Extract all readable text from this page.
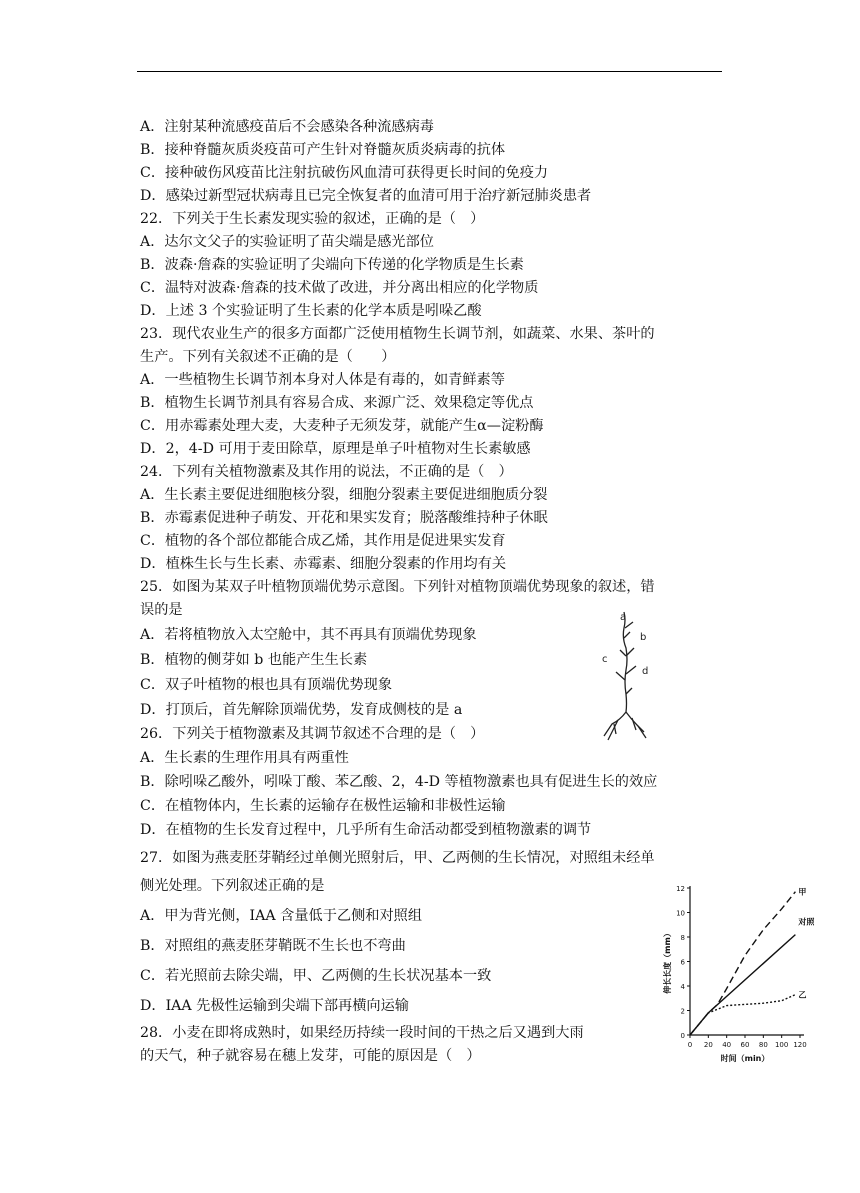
A．注射某种流感疫苗后不会感染各种流感病毒
B．接种脊髓灰质炎疫苗可产生针对脊髓灰质炎病毒的抗体
C．接种破伤风疫苗比注射抗破伤风血清可获得更长时间的免疫力
D．感染过新型冠状病毒且已完全恢复者的血清可用于治疗新冠肺炎患者
22．下列关于生长素发现实验的叙述，正确的是（　）
A．达尔文父子的实验证明了苗尖端是感光部位
B．波森·詹森的实验证明了尖端向下传递的化学物质是生长素
C．温特对波森·詹森的技术做了改进，并分离出相应的化学物质
D．上述 3 个实验证明了生长素的化学本质是吲哚乙酸
23．现代农业生产的很多方面都广泛使用植物生长调节剂，如蔬菜、水果、茶叶的
生产。下列有关叙述不正确的是（　　）
A．一些植物生长调节剂本身对人体是有毒的，如青鲜素等
B．植物生长调节剂具有容易合成、来源广泛、效果稳定等优点
C．用赤霉素处理大麦，大麦种子无须发芽，就能产生α—淀粉酶
D．2，4-D 可用于麦田除草，原理是单子叶植物对生长素敏感
24．下列有关植物激素及其作用的说法，不正确的是（　）
A．生长素主要促进细胞核分裂，细胞分裂素主要促进细胞质分裂
B．赤霉素促进种子萌发、开花和果实发育；脱落酸维持种子休眠
C．植物的各个部位都能合成乙烯，其作用是促进果实发育
D．植株生长与生长素、赤霉素、细胞分裂素的作用均有关
25．如图为某双子叶植物顶端优势示意图。下列针对植物顶端优势现象的叙述，错
误的是
A．若将植物放入太空舱中，其不再具有顶端优势现象
B．植物的侧芽如 b 也能产生生长素
C．双子叶植物的根也具有顶端优势现象
D．打顶后，首先解除顶端优势，发育成侧枝的是 a
26．下列关于植物激素及其调节叙述不合理的是（　）
A．生长素的生理作用具有两重性
B．除吲哚乙酸外，吲哚丁酸、苯乙酸、2，4-D 等植物激素也具有促进生长的效应
C．在植物体内，生长素的运输存在极性运输和非极性运输
D．在植物的生长发育过程中，几乎所有生命活动都受到植物激素的调节
27．如图为燕麦胚芽鞘经过单侧光照射后，甲、乙两侧的生长情况，对照组未经单
侧光处理。下列叙述正确的是
A．甲为背光侧，IAA 含量低于乙侧和对照组
B．对照组的燕麦胚芽鞘既不生长也不弯曲
C．若光照前去除尖端，甲、乙两侧的生长状况基本一致
D．IAA 先极性运输到尖端下部再横向运输
28．小麦在即将成熟时，如果经历持续一段时间的干热之后又遇到大雨
的天气，种子就容易在穗上发芽，可能的原因是（　）
a
b
c
d
0 20 40 60 80 100 120
0
2
4
6
8
10
12
时间（min）
伸长长度（mm）
甲
对照
乙
